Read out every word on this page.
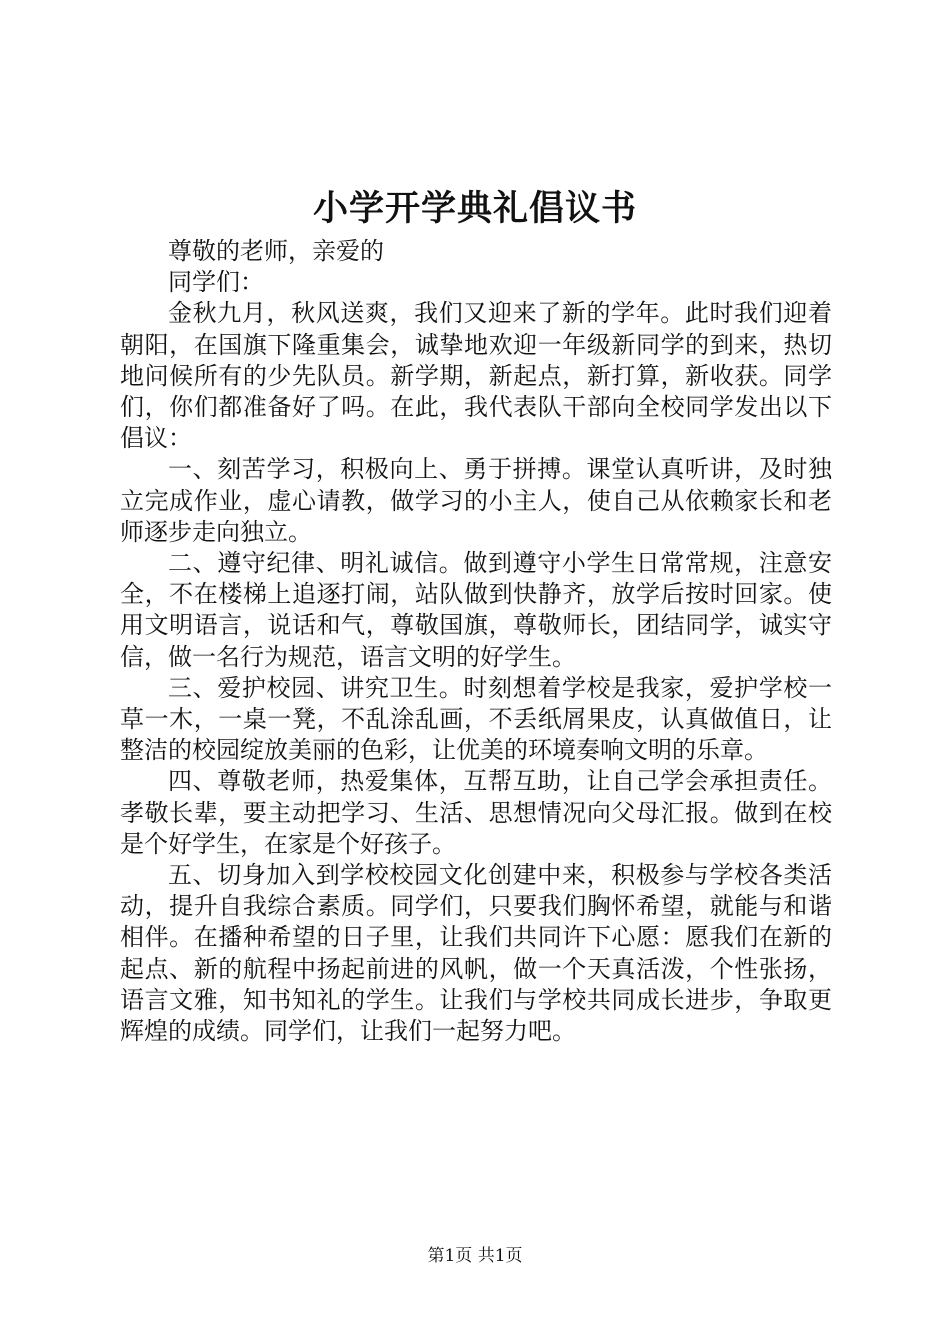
小学开学典礼倡议书

尊敬的老师，亲爱的

同学们：

金秋九月，秋风送爽，我们又迎来了新的学年。此时我们迎着朝阳，在国旗下隆重集会，诚挚地欢迎一年级新同学的到来，热切地问候所有的少先队员。新学期，新起点，新打算，新收获。同学们，你们都准备好了吗。在此，我代表队干部向全校同学发出以下倡议：

一、刻苦学习，积极向上、勇于拼搏。课堂认真听讲，及时独立完成作业，虚心请教，做学习的小主人，使自己从依赖家长和老师逐步走向独立。

二、遵守纪律、明礼诚信。做到遵守小学生日常常规，注意安全，不在楼梯上追逐打闹，站队做到快静齐，放学后按时回家。使用文明语言，说话和气，尊敬国旗，尊敬师长，团结同学，诚实守信，做一名行为规范，语言文明的好学生。

三、爱护校园、讲究卫生。时刻想着学校是我家，爱护学校一草一木，一桌一凳，不乱涂乱画，不丢纸屑果皮，认真做值日，让整洁的校园绽放美丽的色彩，让优美的环境奏响文明的乐章。

四、尊敬老师，热爱集体，互帮互助，让自己学会承担责任。孝敬长辈，要主动把学习、生活、思想情况向父母汇报。做到在校是个好学生，在家是个好孩子。

五、切身加入到学校校园文化创建中来，积极参与学校各类活动，提升自我综合素质。同学们，只要我们胸怀希望，就能与和谐相伴。在播种希望的日子里，让我们共同许下心愿：愿我们在新的起点、新的航程中扬起前进的风帆，做一个天真活泼，个性张扬，语言文雅，知书知礼的学生。让我们与学校共同成长进步，争取更辉煌的成绩。同学们，让我们一起努力吧。

第1页 共1页
